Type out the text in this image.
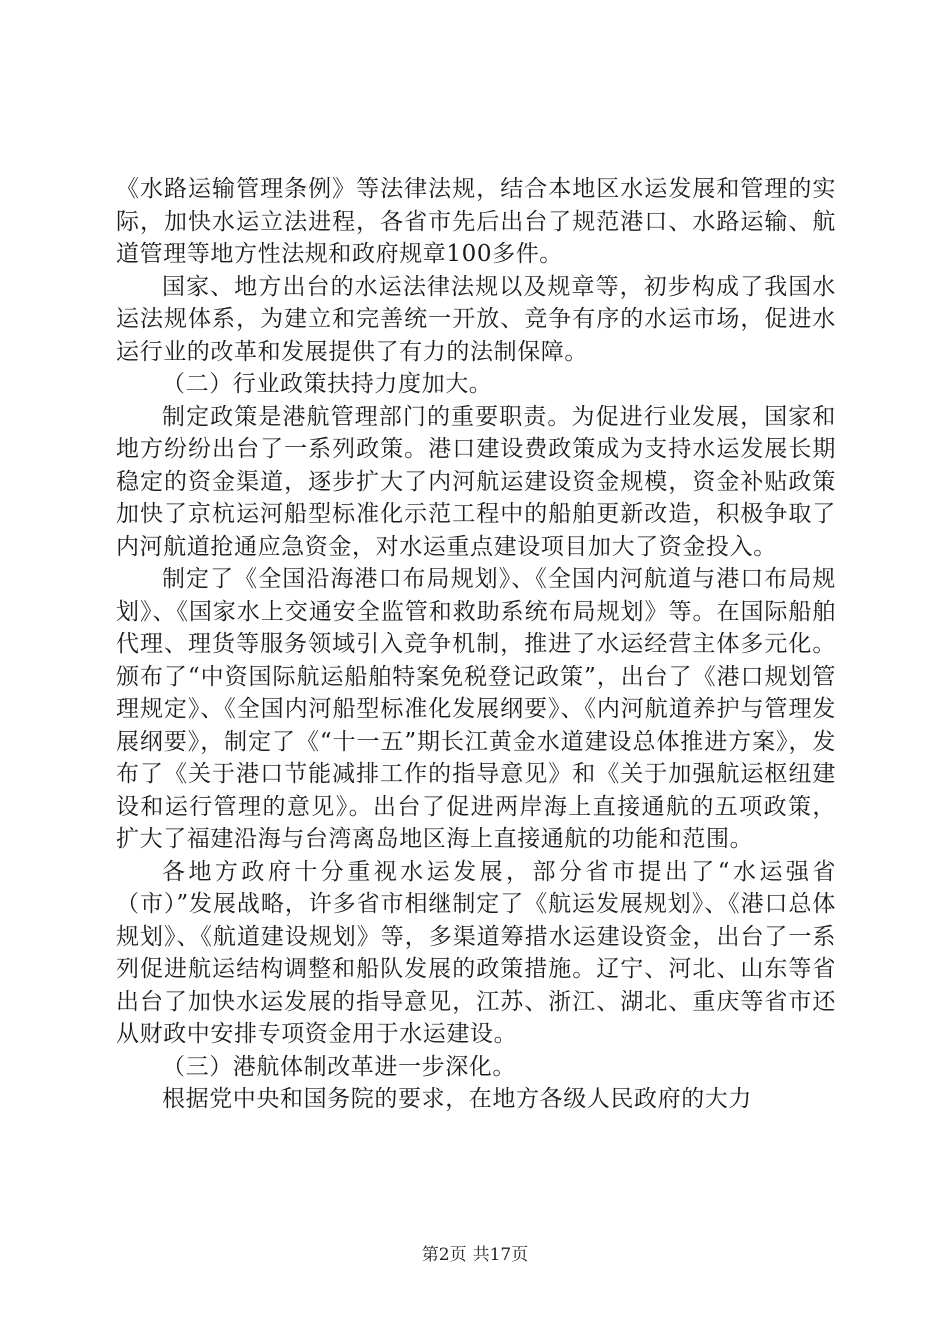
《水路运输管理条例》等法律法规，结合本地区水运发展和管理的实际，加快水运立法进程，各省市先后出台了规范港口、水路运输、航道管理等地方性法规和政府规章100多件。

国家、地方出台的水运法律法规以及规章等，初步构成了我国水运法规体系，为建立和完善统一开放、竞争有序的水运市场，促进水运行业的改革和发展提供了有力的法制保障。

（二）行业政策扶持力度加大。

制定政策是港航管理部门的重要职责。为促进行业发展，国家和地方纷纷出台了一系列政策。港口建设费政策成为支持水运发展长期稳定的资金渠道，逐步扩大了内河航运建设资金规模，资金补贴政策加快了京杭运河船型标准化示范工程中的船舶更新改造，积极争取了内河航道抢通应急资金，对水运重点建设项目加大了资金投入。

制定了《全国沿海港口布局规划》、《全国内河航道与港口布局规划》、《国家水上交通安全监管和救助系统布局规划》等。在国际船舶代理、理货等服务领域引入竞争机制，推进了水运经营主体多元化。颁布了“中资国际航运船舶特案免税登记政策”，出台了《港口规划管理规定》、《全国内河船型标准化发展纲要》、《内河航道养护与管理发展纲要》，制定了《“十一五”期长江黄金水道建设总体推进方案》，发布了《关于港口节能减排工作的指导意见》和《关于加强航运枢纽建设和运行管理的意见》。出台了促进两岸海上直接通航的五项政策，扩大了福建沿海与台湾离岛地区海上直接通航的功能和范围。

各地方政府十分重视水运发展，部分省市提出了“水运强省（市）”发展战略，许多省市相继制定了《航运发展规划》、《港口总体规划》、《航道建设规划》等，多渠道筹措水运建设资金，出台了一系列促进航运结构调整和船队发展的政策措施。辽宁、河北、山东等省出台了加快水运发展的指导意见，江苏、浙江、湖北、重庆等省市还从财政中安排专项资金用于水运建设。

（三）港航体制改革进一步深化。

根据党中央和国务院的要求，在地方各级人民政府的大力

第2页 共17页
